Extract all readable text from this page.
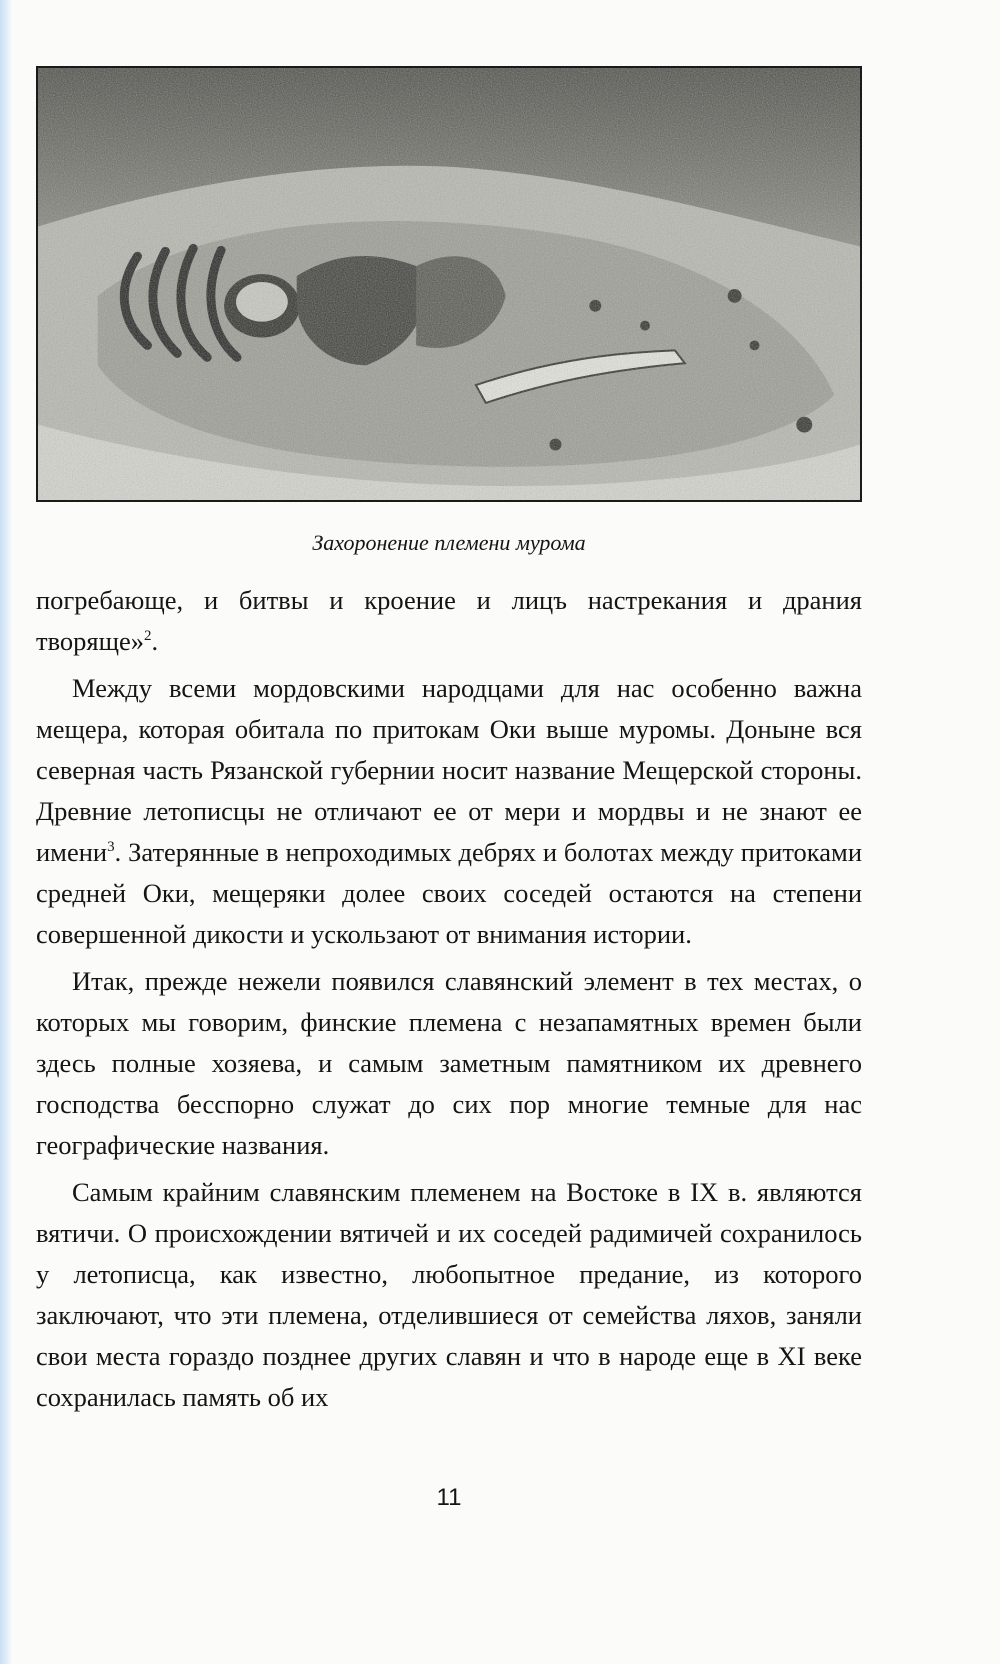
Захоронение племени мурома

погребающе, и битвы и кроение и лицъ настрекания и драния творяще»$^2$.

Между всеми мордовскими народцами для нас особенно важна мещера, которая обитала по притокам Оки выше муромы. Доныне вся северная часть Рязанской губернии носит название Мещерской стороны. Древние летописцы не отличают ее от мери и мордвы и не знают ее имени$^3$. Затерянные в непроходимых дебрях и болотах между притоками средней Оки, мещеряки долее своих соседей остаются на степени совершенной дикости и ускользают от внимания истории.

Итак, прежде нежели появился славянский элемент в тех местах, о которых мы говорим, финские племена с незапамятных времен были здесь полные хозяева, и самым заметным памятником их древнего господства бесспорно служат до сих пор многие темные для нас географические названия.

Самым крайним славянским племенем на Востоке в IX в. являются вятичи. О происхождении вятичей и их соседей радимичей сохранилось у летописца, как известно, любопытное предание, из которого заключают, что эти племена, отделившиеся от семейства ляхов, заняли свои места гораздо позднее других славян и что в народе еще в XI веке сохранилась память об их

11
